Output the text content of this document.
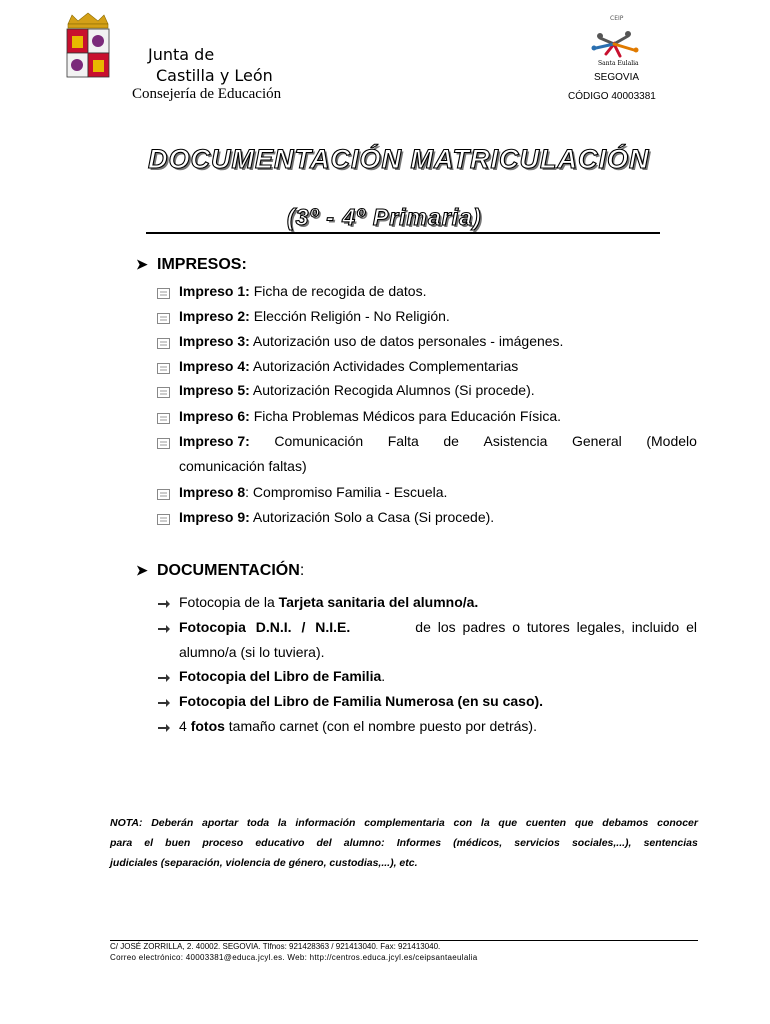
Junta de
Castilla y León
Consejería de Educación
CEIP
Santa Eulalia
SEGOVIA
CÓDIGO 40003381
DOCUMENTACIÓN MATRICULACIÓN
(3º - 4º Primaria)
➤ IMPRESOS:
Impreso 1: Ficha de recogida de datos.
Impreso 2: Elección Religión - No Religión.
Impreso 3: Autorización uso de datos personales - imágenes.
Impreso 4: Autorización Actividades Complementarias
Impreso 5: Autorización Recogida Alumnos (Si procede).
Impreso 6: Ficha Problemas Médicos para Educación Física.
Impreso 7: Comunicación Falta de Asistencia General (Modelo
comunicación faltas)
Impreso 8: Compromiso Familia - Escuela.
Impreso 9: Autorización Solo a Casa (Si procede).
➤ DOCUMENTACIÓN:
Fotocopia de la Tarjeta sanitaria del alumno/a.
Fotocopia D.N.I. / N.I.E.	de los padres o tutores legales, incluido el
alumno/a (si lo tuviera).
Fotocopia del Libro de Familia.
Fotocopia del Libro de Familia Numerosa (en su caso).
4 fotos tamaño carnet (con el nombre puesto por detrás).
NOTA: Deberán aportar toda la información complementaria con la que cuenten que debamos conocer
para el buen proceso educativo del alumno: Informes (médicos, servicios sociales,...), sentencias
judiciales (separación, violencia de género, custodias,...), etc.
C/ JOSÉ ZORRILLA, 2. 40002. SEGOVIA. Tlfnos: 921428363 / 921413040. Fax: 921413040.
Correo electrónico: 40003381@educa.jcyl.es. Web: http://centros.educa.jcyl.es/ceipsantaeulalia
